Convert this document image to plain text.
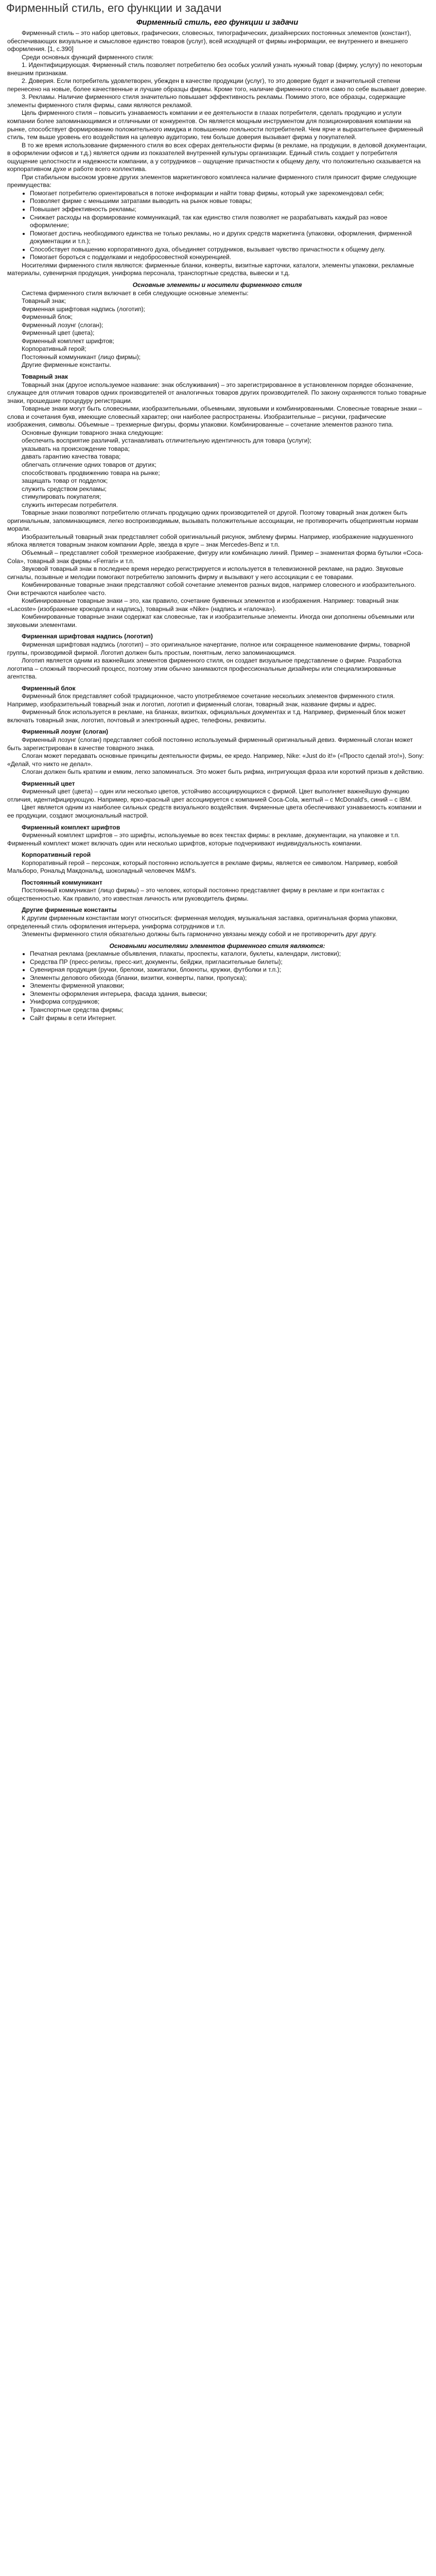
Фирменный стиль, его функции и задачи

Фирменный стиль, его функции и задачи

Фирменный стиль – это набор цветовых, графических, словесных, типографических, дизайнерских постоянных элементов (констант), обеспечивающих визуальное и смысловое единство товаров (услуг), всей исходящей от фирмы информации, ее внутреннего и внешнего оформления. [1, с.390]

Среди основных функций фирменного стиля:

1. Идентифицирующая. Фирменный стиль позволяет потребителю без особых усилий узнать нужный товар (фирму, услугу) по некоторым внешним признакам.

2. Доверия. Если потребитель удовлетворен, убежден в качестве продукции (услуг), то это доверие будет и значительной степени перенесено на новые, более качественные и лучшие образцы фирмы. Кроме того, наличие фирменного стиля само по себе вызывает доверие.

3. Рекламы. Наличие фирменного стиля значительно повышает эффективность рекламы. Помимо этого, все образцы, содержащие элементы фирменного стиля фирмы, сами являются рекламой.

Цель фирменного стиля – повысить узнаваемость компании и ее деятельности в глазах потребителя, сделать продукцию и услуги компании более запоминающимися и отличными от конкурентов. Он является мощным инструментом для позиционирования компании на рынке, способствует формированию положительного имиджа и повышению лояльности потребителей. Чем ярче и выразительнее фирменный стиль, тем выше уровень его воздействия на целевую аудиторию, тем больше доверия вызывает фирма у покупателей.

В то же время использование фирменного стиля во всех сферах деятельности фирмы (в рекламе, на продукции, в деловой документации, в оформлении офисов и т.д.) является одним из показателей внутренней культуры организации. Единый стиль создает у потребителя ощущение целостности и надежности компании, а у сотрудников – ощущение причастности к общему делу, что положительно сказывается на корпоративном духе и работе всего коллектива.

При стабильном высоком уровне других элементов маркетингового комплекса наличие фирменного стиля приносит фирме следующие преимущества:

• Помогает потребителю ориентироваться в потоке информации и найти товар фирмы, который уже зарекомендовал себя;
• Позволяет фирме с меньшими затратами выводить на рынок новые товары;
• Повышает эффективность рекламы;
• Снижает расходы на формирование коммуникаций, так как единство стиля позволяет не разрабатывать каждый раз новое оформление;
• Помогает достичь необходимого единства не только рекламы, но и других средств маркетинга (упаковки, оформления, фирменной документации и т.п.);
• Способствует повышению корпоративного духа, объединяет сотрудников, вызывает чувство причастности к общему делу.
• Помогает бороться с подделками и недобросовестной конкуренцией.

Носителями фирменного стиля являются: фирменные бланки, конверты, визитные карточки, каталоги, элементы упаковки, рекламные материалы, сувенирная продукция, униформа персонала, транспортные средства, вывески и т.д.

Основные элементы и носители фирменного стиля

Система фирменного стиля включает в себя следующие основные элементы:

Товарный знак;

Фирменная шрифтовая надпись (логотип);

Фирменный блок;

Фирменный лозунг (слоган);

Фирменный цвет (цвета);

Фирменный комплект шрифтов;

Корпоративный герой;

Постоянный коммуникант (лицо фирмы);

Другие фирменные константы.

Товарный знак

Товарный знак (другое используемое название: знак обслуживания) – это зарегистрированное в установленном порядке обозначение, служащее для отличия товаров одних производителей от аналогичных товаров других производителей. По закону охраняются только товарные знаки, прошедшие процедуру регистрации.

Товарные знаки могут быть словесными, изобразительными, объемными, звуковыми и комбинированными. Словесные товарные знаки – слова и сочетания букв, имеющие словесный характер; они наиболее распространены. Изобразительные – рисунки, графические изображения, символы. Объемные – трехмерные фигуры, формы упаковки. Комбинированные – сочетание элементов разного типа.

Основные функции товарного знака следующие:

обеспечить восприятие различий, устанавливать отличительную идентичность для товара (услуги);

указывать на происхождение товара;

давать гарантию качества товара;

облегчать отличение одних товаров от других;

способствовать продвижению товара на рынке;

защищать товар от подделок;

служить средством рекламы;

стимулировать покупателя;

служить интересам потребителя.

Товарные знаки позволяют потребителю отличать продукцию одних производителей от другой. Поэтому товарный знак должен быть оригинальным, запоминающимся, легко воспроизводимым, вызывать положительные ассоциации, не противоречить общепринятым нормам морали.

Изобразительный товарный знак представляет собой оригинальный рисунок, эмблему фирмы. Например, изображение надкушенного яблока является товарным знаком компании Apple, звезда в круге – знак Mercedes-Benz и т.п.

Объемный – представляет собой трехмерное изображение, фигуру или комбинацию линий. Пример – знаменитая форма бутылки «Coca-Cola», товарный знак фирмы «Ferrari» и т.п.

Звуковой товарный знак в последнее время нередко регистрируется и используется в телевизионной рекламе, на радио. Звуковые сигналы, позывные и мелодии помогают потребителю запомнить фирму и вызывают у него ассоциации с ее товарами.

Комбинированные товарные знаки представляют собой сочетание элементов разных видов, например словесного и изобразительного. Они встречаются наиболее часто.

Комбинированные товарные знаки – это, как правило, сочетание буквенных элементов и изображения. Например: товарный знак «Lacoste» (изображение крокодила и надпись), товарный знак «Nike» (надпись и «галочка»).

Комбинированные товарные знаки содержат как словесные, так и изобразительные элементы. Иногда они дополнены объемными или звуковыми элементами.

Фирменная шрифтовая надпись (логотип)

Фирменная шрифтовая надпись (логотип) – это оригинальное начертание, полное или сокращенное наименование фирмы, товарной группы, производимой фирмой. Логотип должен быть простым, понятным, легко запоминающимся.

Логотип является одним из важнейших элементов фирменного стиля, он создает визуальное представление о фирме. Разработка логотипа – сложный творческий процесс, поэтому этим обычно занимаются профессиональные дизайнеры или специализированные агентства.

Фирменный блок

Фирменный блок представляет собой традиционное, часто употребляемое сочетание нескольких элементов фирменного стиля. Например, изобразительный товарный знак и логотип, логотип и фирменный слоган, товарный знак, название фирмы и адрес.

Фирменный блок используется в рекламе, на бланках, визитках, официальных документах и т.д. Например, фирменный блок может включать товарный знак, логотип, почтовый и электронный адрес, телефоны, реквизиты.

Фирменный лозунг (слоган)

Фирменный лозунг (слоган) представляет собой постоянно используемый фирменный оригинальный девиз. Фирменный слоган может быть зарегистрирован в качестве товарного знака.

Слоган может передавать основные принципы деятельности фирмы, ее кредо. Например, Nike: «Just do it!» («Просто сделай это!»), Sony: «Делай, что никто не делал».

Слоган должен быть кратким и емким, легко запоминаться. Это может быть рифма, интригующая фраза или короткий призыв к действию.

Фирменный цвет

Фирменный цвет (цвета) – один или несколько цветов, устойчиво ассоциирующихся с фирмой. Цвет выполняет важнейшую функцию отличия, идентифицирующую. Например, ярко-красный цвет ассоциируется с компанией Coca-Cola, желтый – с McDonald's, синий – с IBM.

Цвет является одним из наиболее сильных средств визуального воздействия. Фирменные цвета обеспечивают узнаваемость компании и ее продукции, создают эмоциональный настрой.

Фирменный комплект шрифтов

Фирменный комплект шрифтов – это шрифты, используемые во всех текстах фирмы: в рекламе, документации, на упаковке и т.п. Фирменный комплект может включать один или несколько шрифтов, которые подчеркивают индивидуальность компании.

Корпоративный герой

Корпоративный герой – персонаж, который постоянно используется в рекламе фирмы, является ее символом. Например, ковбой Мальборо, Рональд Макдональд, шоколадный человечек M&M's.

Постоянный коммуникант

Постоянный коммуникант (лицо фирмы) – это человек, который постоянно представляет фирму в рекламе и при контактах с общественностью. Как правило, это известная личность или руководитель фирмы.

Другие фирменные константы

К другим фирменным константам могут относиться: фирменная мелодия, музыкальная заставка, оригинальная форма упаковки, определенный стиль оформления интерьера, униформа сотрудников и т.п.

Элементы фирменного стиля обязательно должны быть гармонично увязаны между собой и не противоречить друг другу.

Основными носителями элементов фирменного стиля являются:

• Печатная реклама (рекламные объявления, плакаты, проспекты, каталоги, буклеты, календари, листовки);
• Средства ПР (пресс-релизы, пресс-кит, документы, бейджи, пригласительные билеты);
• Сувенирная продукция (ручки, брелоки, зажигалки, блокноты, кружки, футболки и т.п.);
• Элементы делового обихода (бланки, визитки, конверты, папки, пропуска);
• Элементы фирменной упаковки;
• Элементы оформления интерьера, фасада здания, вывески;
• Униформа сотрудников;
• Транспортные средства фирмы;
• Сайт фирмы в сети Интернет.
